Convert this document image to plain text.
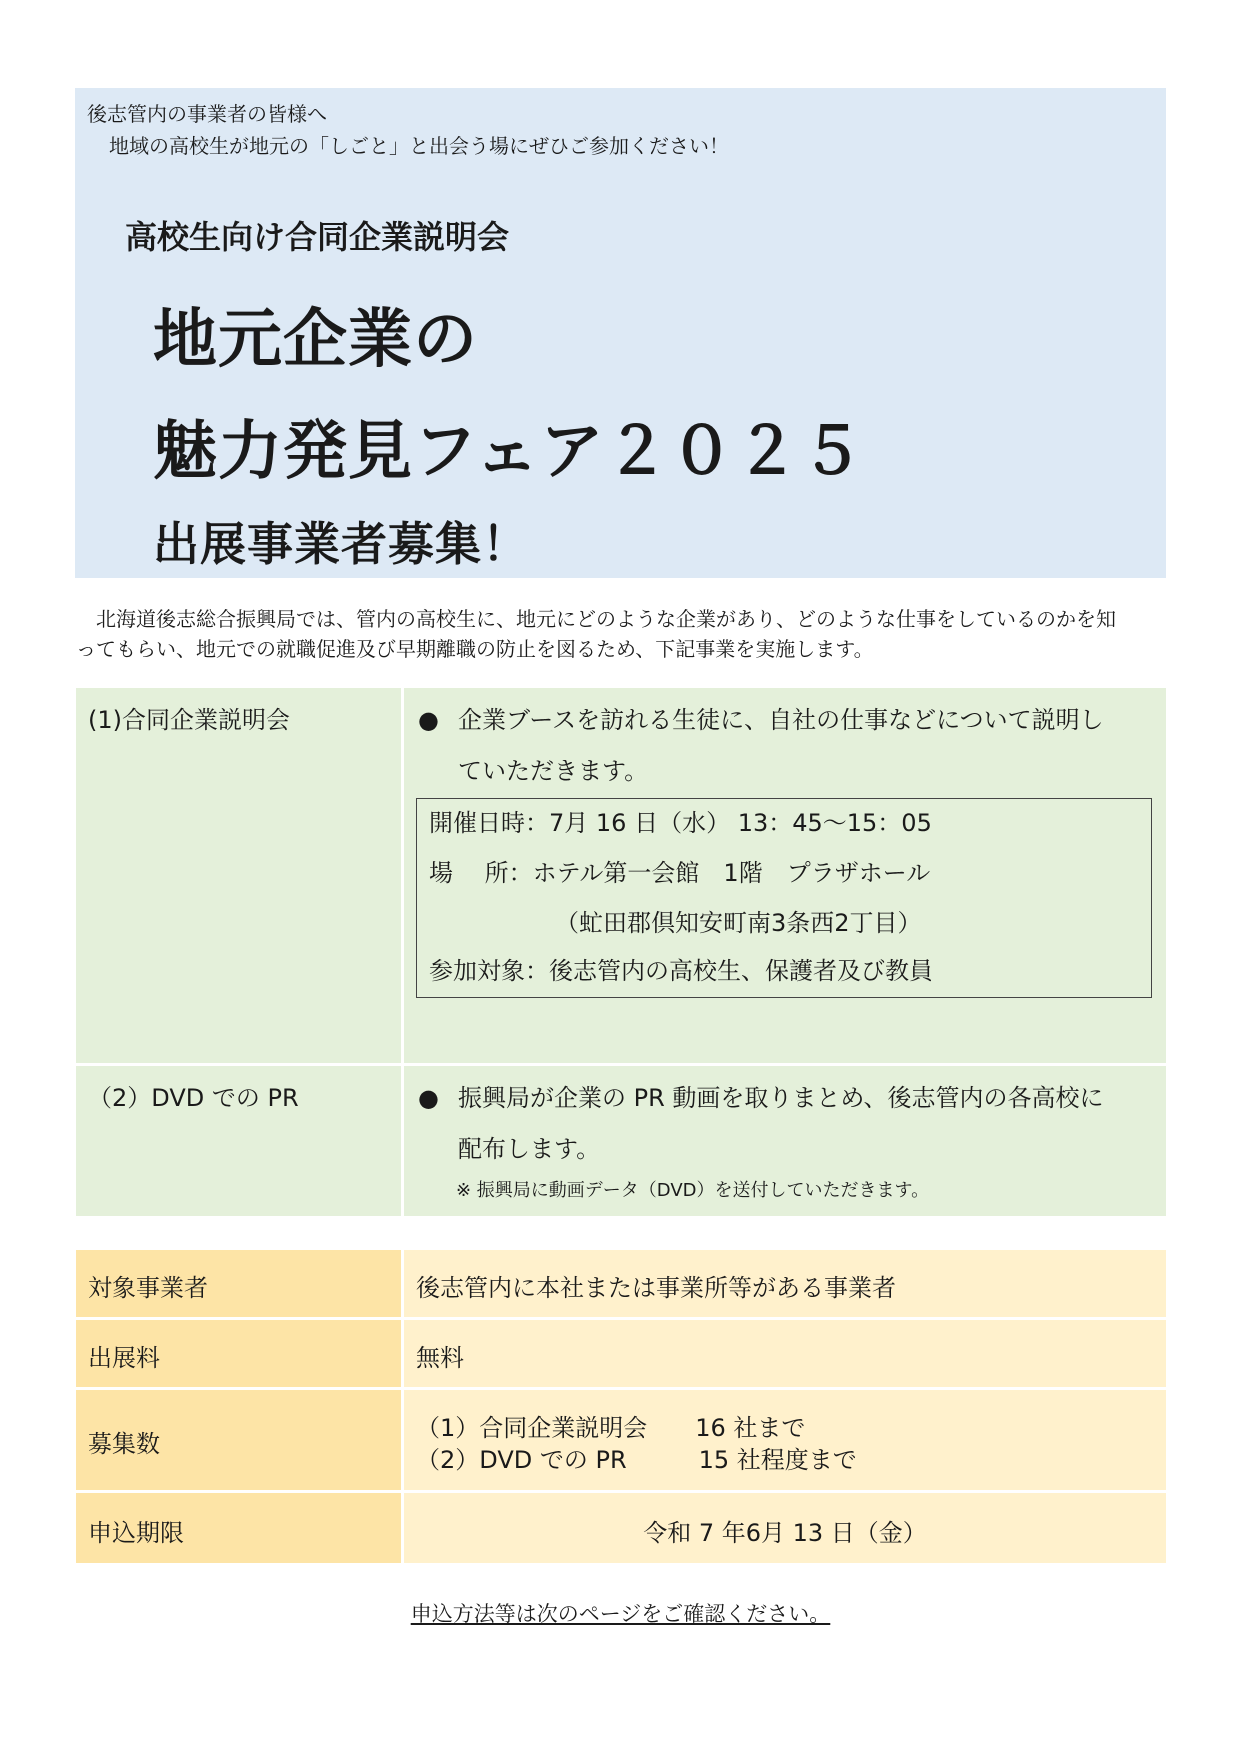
後志管内の事業者の皆様へ
地域の高校生が地元の「しごと」と出会う場にぜひご参加ください！
高校生向け合同企業説明会
地元企業の
魅力発見フェア２０２５
出展事業者募集！

北海道後志総合振興局では、管内の高校生に、地元にどのような企業があり、どのような仕事をしているのかを知

ってもらい、地元での就職促進及び早期離職の防止を図るため、下記事業を実施します。

(1)合同企業説明会	● 企業ブースを訪れる生徒に、自社の仕事などについて説明し
ていただきます。
開催日時：7月 16 日（水） 13：45～15：05
場　 所：ホテル第一会館　1階　プラザホール
（虻田郡倶知安町南3条西2丁目）
参加対象：後志管内の高校生、保護者及び教員
（2）DVD での PR	● 振興局が企業の PR 動画を取りまとめ、後志管内の各高校に
配布します。
※ 振興局に動画データ（DVD）を送付していただきます。
対象事業者	後志管内に本社または事業所等がある事業者
出展料	無料
募集数
（1）合同企業説明会　　16 社まで
（2）DVD での PR　　　15 社程度まで
申込期限	令和 7 年6月 13 日（金）
申込方法等は次のページをご確認ください。
